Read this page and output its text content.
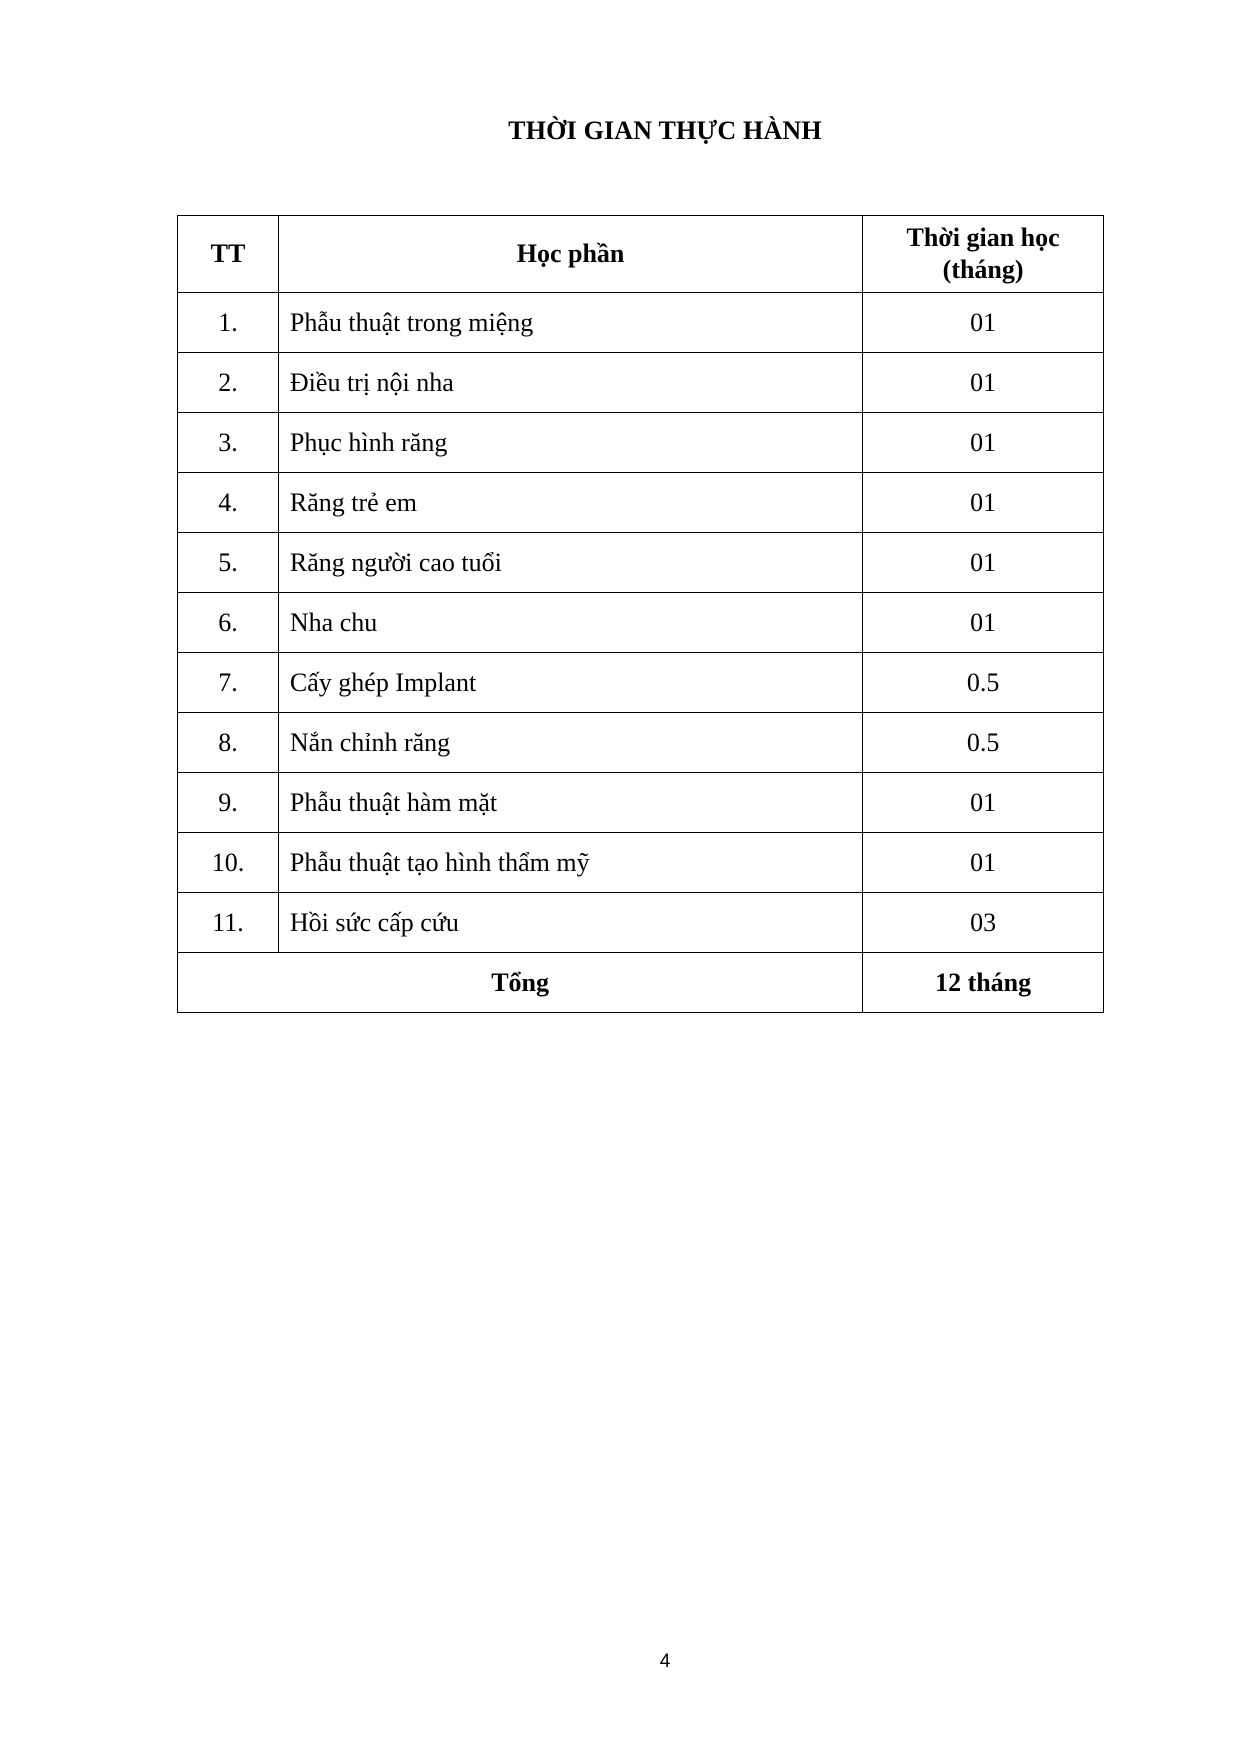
THỜI GIAN THỰC HÀNH
TT	Học phần	Thời gian học
(tháng)
1.	Phẫu thuật trong miệng	01
2.	Điều trị nội nha	01
3.	Phục hình răng	01
4.	Răng trẻ em	01
5.	Răng người cao tuổi	01
6.	Nha chu	01
7.	Cấy ghép Implant	0.5
8.	Nắn chỉnh răng	0.5
9.	Phẫu thuật hàm mặt	01
10.	Phẫu thuật tạo hình thẩm mỹ	01
11.	Hồi sức cấp cứu	03
Tổng		12 tháng
4
